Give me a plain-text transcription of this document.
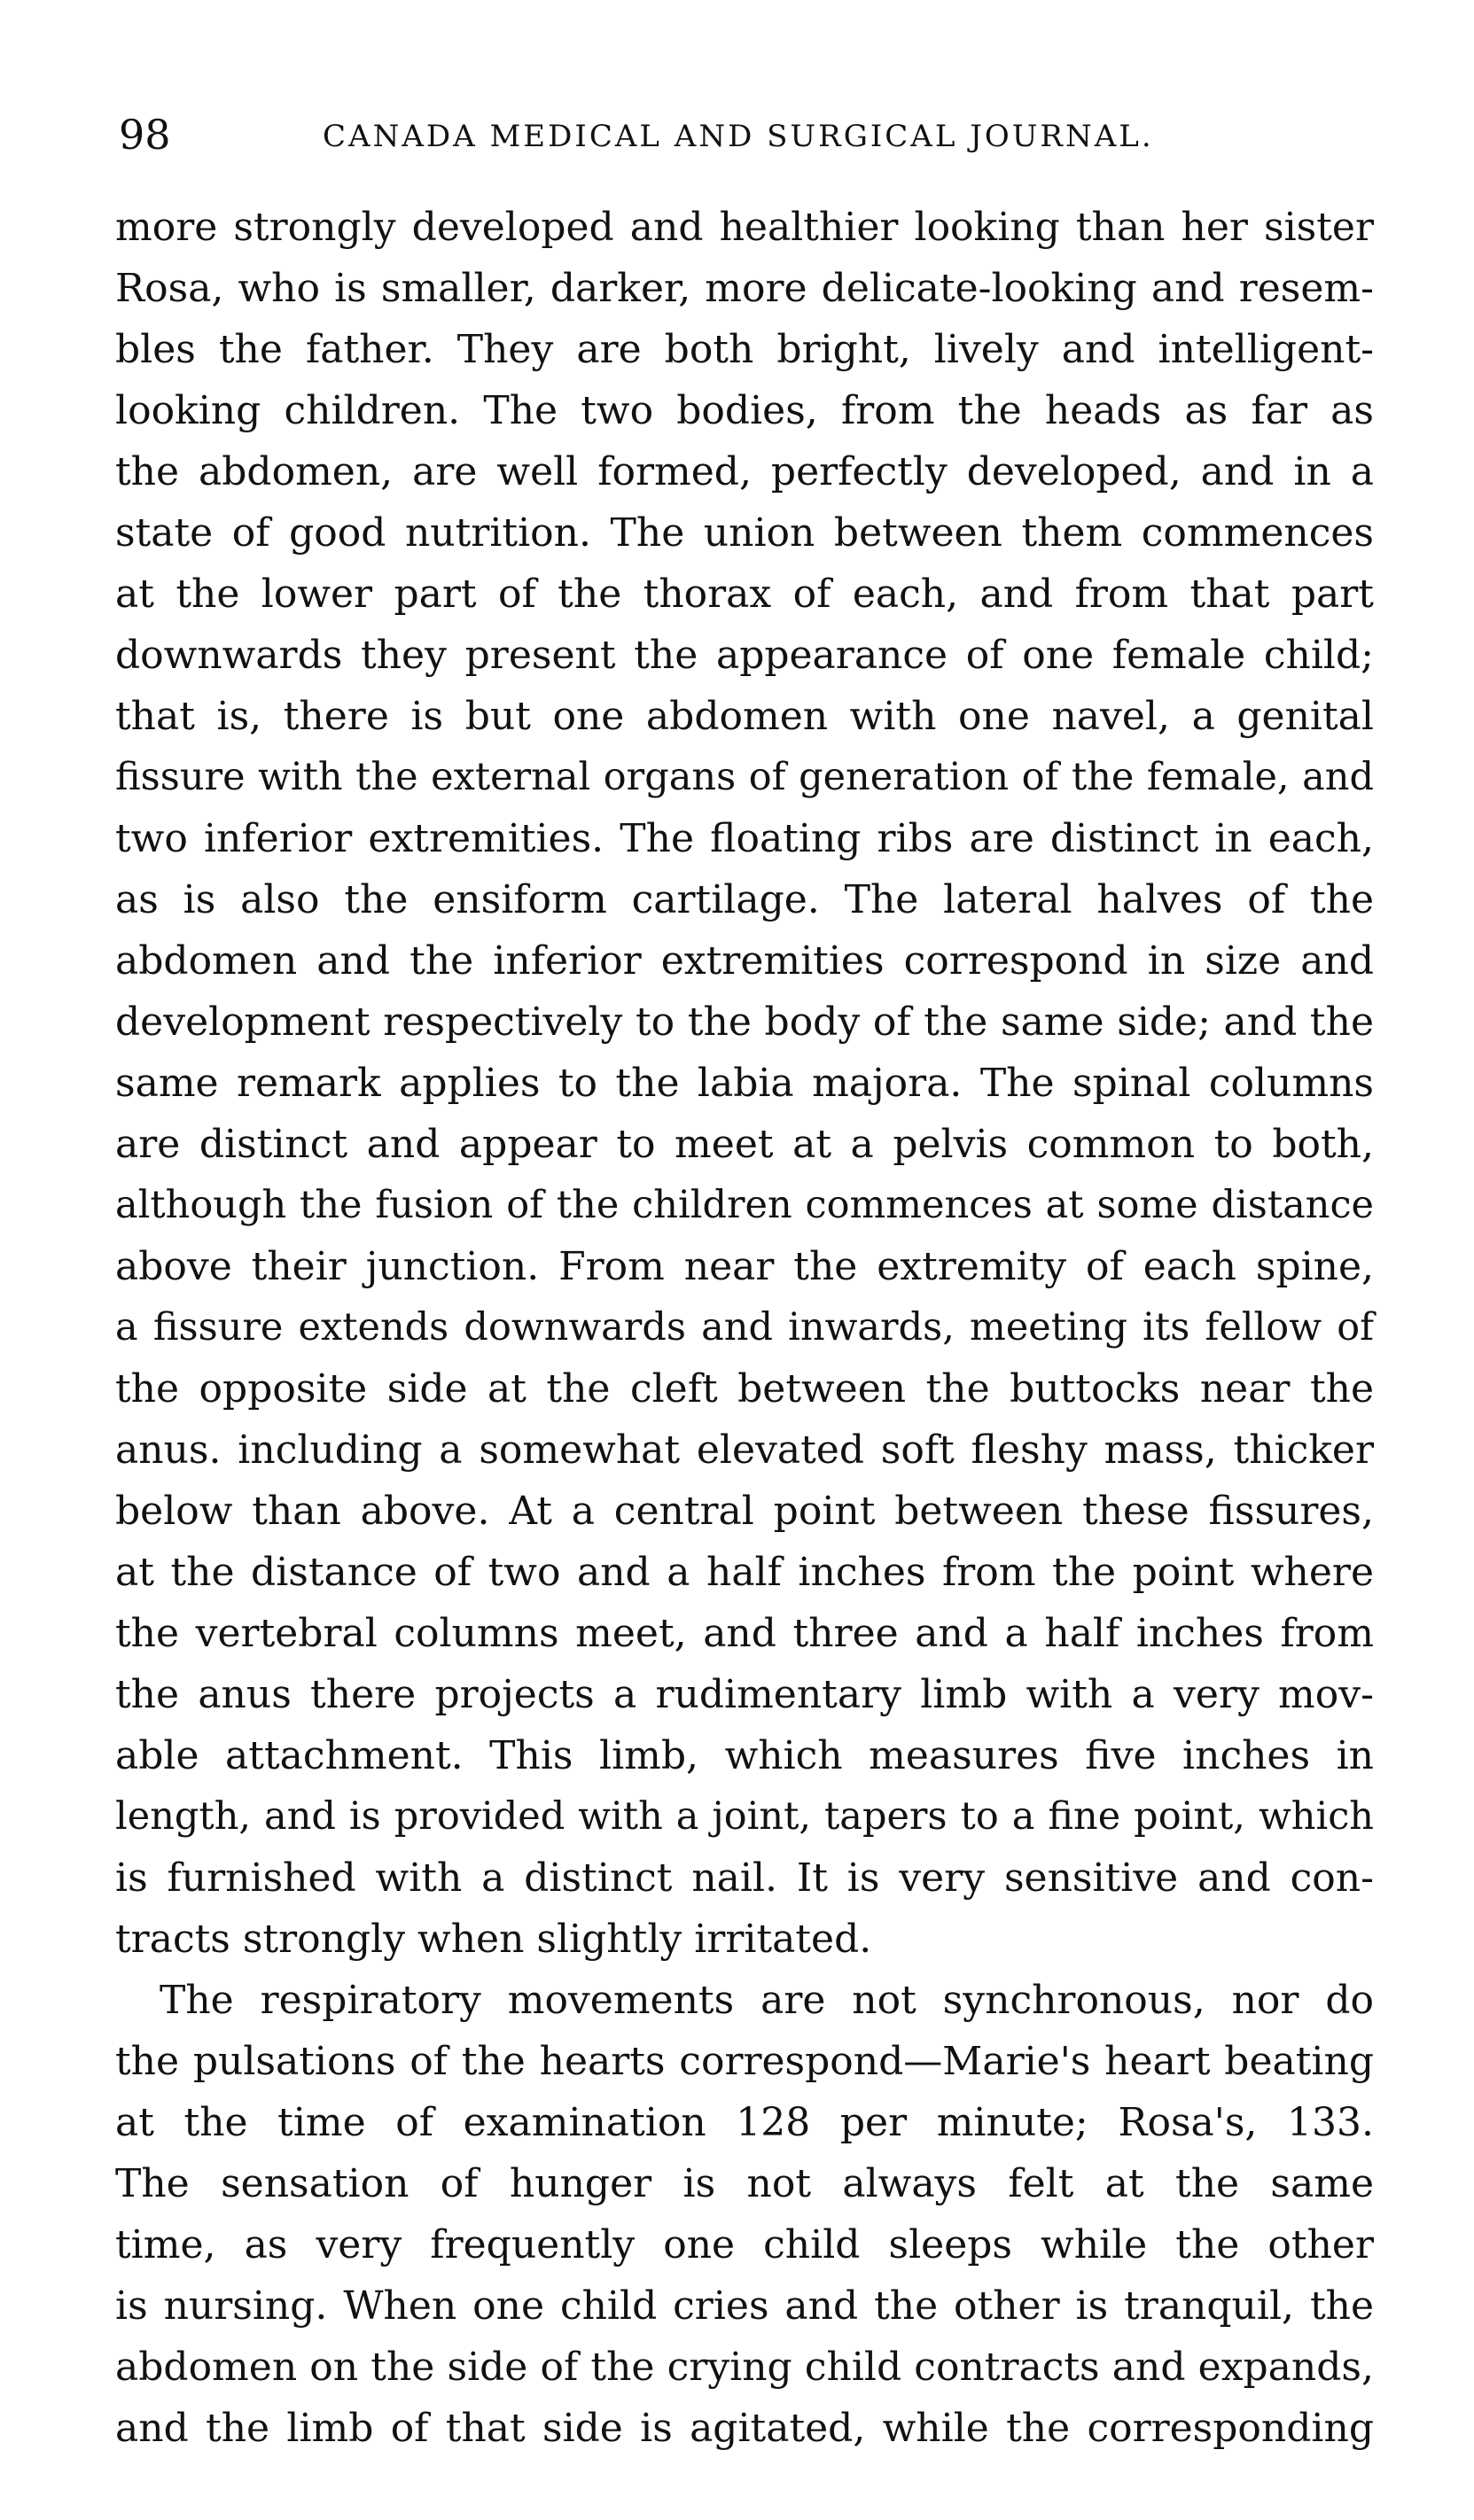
98	CANADA MEDICAL AND SURGICAL JOURNAL.
more strongly developed and healthier looking than her sister
Rosa, who is smaller, darker, more delicate-looking and resem-
bles the father. They are both bright, lively and intelligent-
looking children. The two bodies, from the heads as far as
the abdomen, are well formed, perfectly developed, and in a
state of good nutrition. The union between them commences
at the lower part of the thorax of each, and from that part
downwards they present the appearance of one female child;
that is, there is but one abdomen with one navel, a genital
fissure with the external organs of generation of the female, and
two inferior extremities. The floating ribs are distinct in each,
as is also the ensiform cartilage. The lateral halves of the
abdomen and the inferior extremities correspond in size and
development respectively to the body of the same side; and the
same remark applies to the labia majora. The spinal columns
are distinct and appear to meet at a pelvis common to both,
although the fusion of the children commences at some distance
above their junction. From near the extremity of each spine,
a fissure extends downwards and inwards, meeting its fellow of
the opposite side at the cleft between the buttocks near the
anus. including a somewhat elevated soft fleshy mass, thicker
below than above. At a central point between these fissures,
at the distance of two and a half inches from the point where
the vertebral columns meet, and three and a half inches from
the anus there projects a rudimentary limb with a very mov-
able attachment. This limb, which measures five inches in
length, and is provided with a joint, tapers to a fine point, which
is furnished with a distinct nail. It is very sensitive and con-
tracts strongly when slightly irritated.
The respiratory movements are not synchronous, nor do
the pulsations of the hearts correspond—Marie's heart beating
at the time of examination 128 per minute; Rosa's, 133.
The sensation of hunger is not always felt at the same
time, as very frequently one child sleeps while the other
is nursing. When one child cries and the other is tranquil, the
abdomen on the side of the crying child contracts and expands,
and the limb of that side is agitated, while the corresponding
